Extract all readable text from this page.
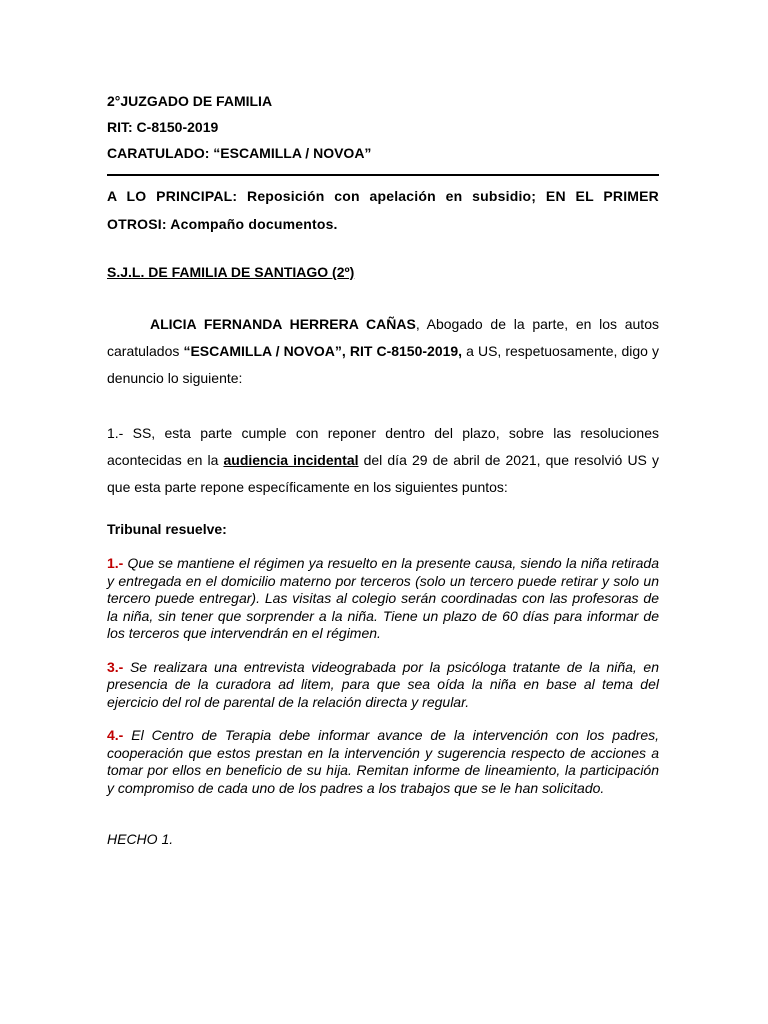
2°JUZGADO DE FAMILIA

RIT: C-8150-2019

CARATULADO: “ESCAMILLA / NOVOA”

A LO PRINCIPAL: Reposición con apelación en subsidio; EN EL PRIMER OTROSI: Acompaño documentos.

S.J.L. DE FAMILIA DE SANTIAGO (2º)

ALICIA FERNANDA HERRERA CAÑAS, Abogado de la parte, en los autos caratulados “ESCAMILLA / NOVOA”, RIT C-8150-2019, a US, respetuosamente, digo y denuncio lo siguiente:

1.- SS, esta parte cumple con reponer dentro del plazo, sobre las resoluciones acontecidas en la audiencia incidental del día 29 de abril de 2021, que resolvió US y que esta parte repone específicamente en los siguientes puntos:

Tribunal resuelve:

1.- Que se mantiene el régimen ya resuelto en la presente causa, siendo la niña retirada y entregada en el domicilio materno por terceros (solo un tercero puede retirar y solo un tercero puede entregar). Las visitas al colegio serán coordinadas con las profesoras de la niña, sin tener que sorprender a la niña. Tiene un plazo de 60 días para informar de los terceros que intervendrán en el régimen.

3.- Se realizara una entrevista videograbada por la psicóloga tratante de la niña, en presencia de la curadora ad litem, para que sea oída la niña en base al tema del ejercicio del rol de parental de la relación directa y regular.

4.- El Centro de Terapia debe informar avance de la intervención con los padres, cooperación que estos prestan en la intervención y sugerencia respecto de acciones a tomar por ellos en beneficio de su hija. Remitan informe de lineamiento, la participación y compromiso de cada uno de los padres a los trabajos que se le han solicitado.

HECHO 1.
